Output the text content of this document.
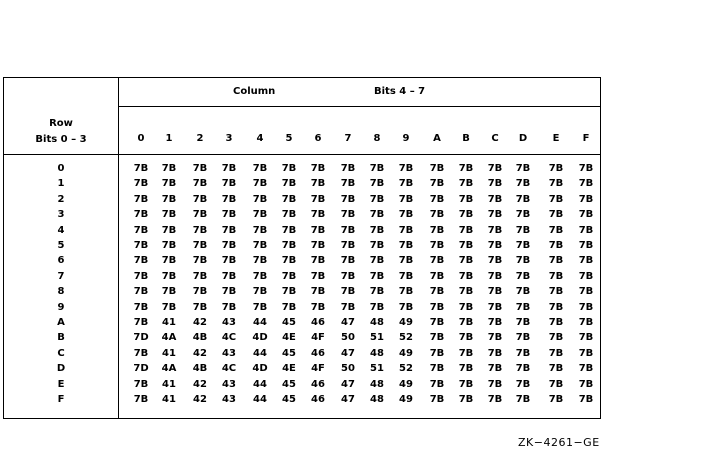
Column	Bits 4 – 7
Row
Bits 0 – 3	0 1 2 3 4 5 6 7 8 9 A B C D	E F
0	7B 7B 7B 7B 7B 7B 7B 7B 7B 7B 7B 7B 7B 7B 7B 7B
1	7B 7B 7B 7B 7B 7B 7B 7B 7B 7B 7B 7B 7B 7B 7B 7B
2	7B 7B 7B 7B 7B 7B 7B 7B 7B 7B 7B 7B 7B 7B 7B 7B
3	7B 7B 7B 7B 7B 7B 7B 7B 7B 7B 7B 7B 7B 7B 7B 7B
4	7B 7B 7B 7B 7B 7B 7B 7B 7B 7B 7B 7B 7B 7B 7B 7B
5	7B 7B 7B 7B 7B 7B 7B 7B 7B 7B 7B 7B 7B 7B 7B 7B
6	7B 7B 7B 7B 7B 7B 7B 7B 7B 7B 7B 7B 7B 7B 7B 7B
7	7B 7B 7B 7B 7B 7B 7B 7B 7B 7B 7B 7B 7B 7B 7B 7B
8	7B 7B 7B 7B 7B 7B 7B 7B 7B 7B 7B 7B 7B 7B 7B 7B
9	7B 7B 7B 7B 7B 7B 7B 7B 7B 7B 7B 7B 7B 7B 7B 7B
A	7B 41 42 43 44 45 46 47 48 49 7B 7B 7B 7B 7B 7B
B	7D 4A 4B 4C 4D 4E 4F 50 51 52 7B 7B 7B 7B 7B 7B
C	7B 41 42 43 44 45 46 47 48 49 7B 7B 7B 7B 7B 7B
D	7D 4A 4B 4C 4D 4E 4F 50 51 52 7B 7B 7B 7B 7B 7B
E	7B 41 42 43 44 45 46 47 48 49 7B 7B 7B 7B 7B 7B
F	7B 41 42 43 44 45 46 47 48 49 7B 7B 7B 7B 7B 7B
ZK−4261−GE
